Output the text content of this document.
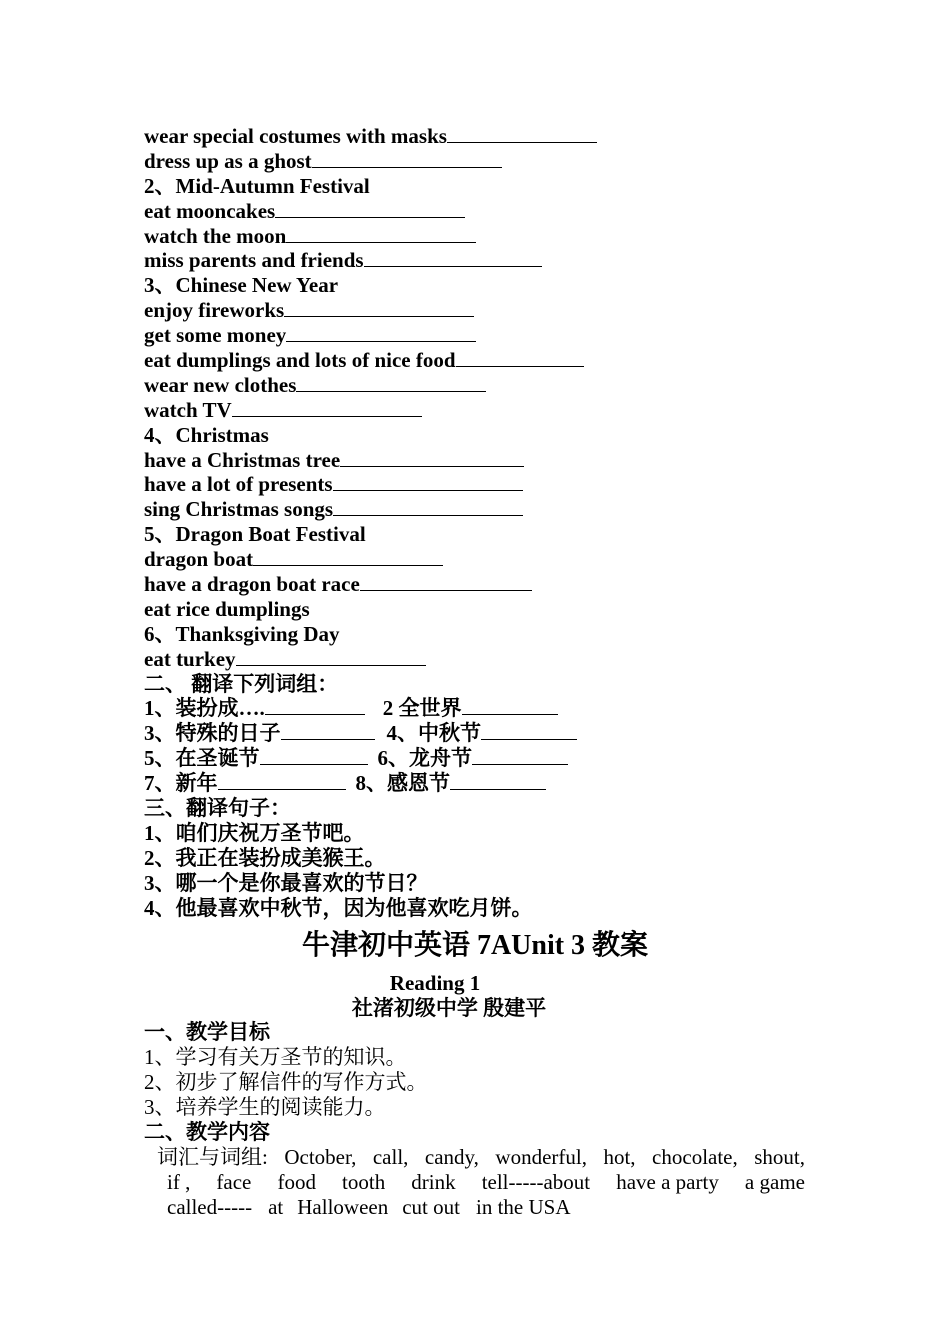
wear special costumes with masks
dress up as a ghost
2、Mid-Autumn Festival
eat mooncakes
watch the moon
miss parents and friends
3、Chinese New Year
enjoy fireworks
get some money
eat dumplings and lots of nice food
wear new clothes
watch TV
4、Christmas
have a Christmas tree
have a lot of presents
sing Christmas songs
5、Dragon Boat Festival
dragon boat
have a dragon boat race
eat rice dumplings
6、Thanksgiving Day
eat turkey
二、 翻译下列词组：
1、装扮成….	2 全世界
3、特殊的日子	4、中秋节
5、在圣诞节	6、龙舟节
7、新年	8、感恩节
三、翻译句子：
1、咱们庆祝万圣节吧。
2、我正在装扮成美猴王。
3、哪一个是你最喜欢的节日？
4、他最喜欢中秋节，因为他喜欢吃月饼。
牛津初中英语 7AUnit 3 教案
Reading 1
社渚初级中学 殷建平
一、教学目标
1、学习有关万圣节的知识。
2、初步了解信件的写作方式。
3、培养学生的阅读能力。
二、教学内容
词汇与词组: October, call, candy, wonderful, hot, chocolate, shout,
if , face food tooth drink tell-----about have a party a game
called----- at Halloween cut out in the USA
